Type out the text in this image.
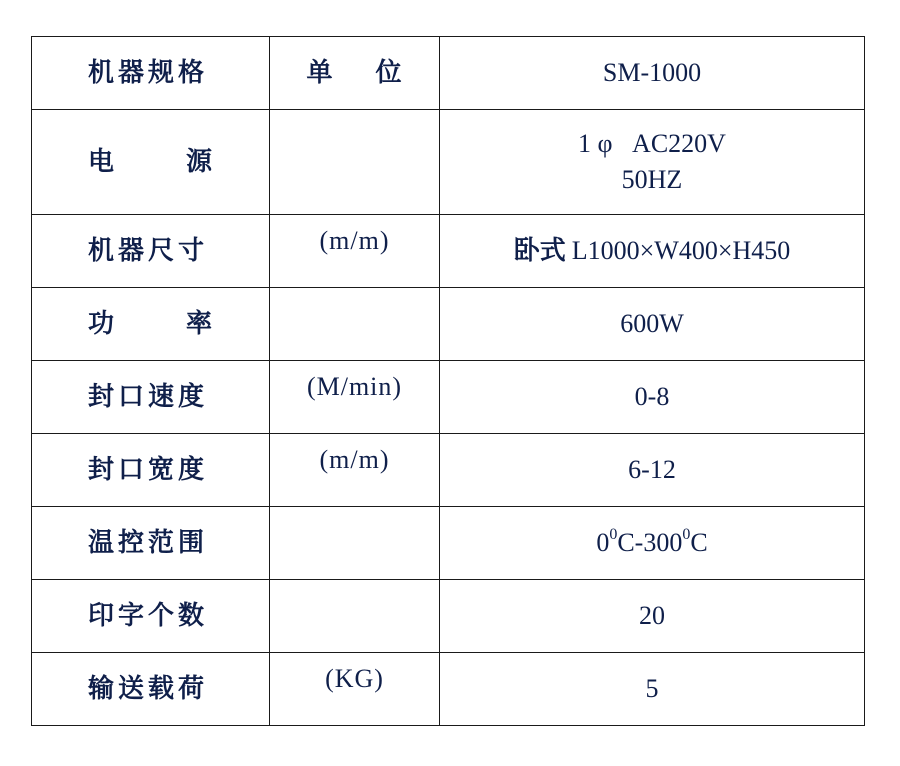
机器规格	单 位	SM-1000
电 源		1 φ   AC220V
50HZ

机器尺寸	(m/m)	卧式 L1000×W400×H450
功 率		600W
封口速度	(M/min)	0-8
封口宽度	(m/m)	6-12
温控范围		$0^0C-300^0C$
印字个数		20
输送载荷	(KG)	5
